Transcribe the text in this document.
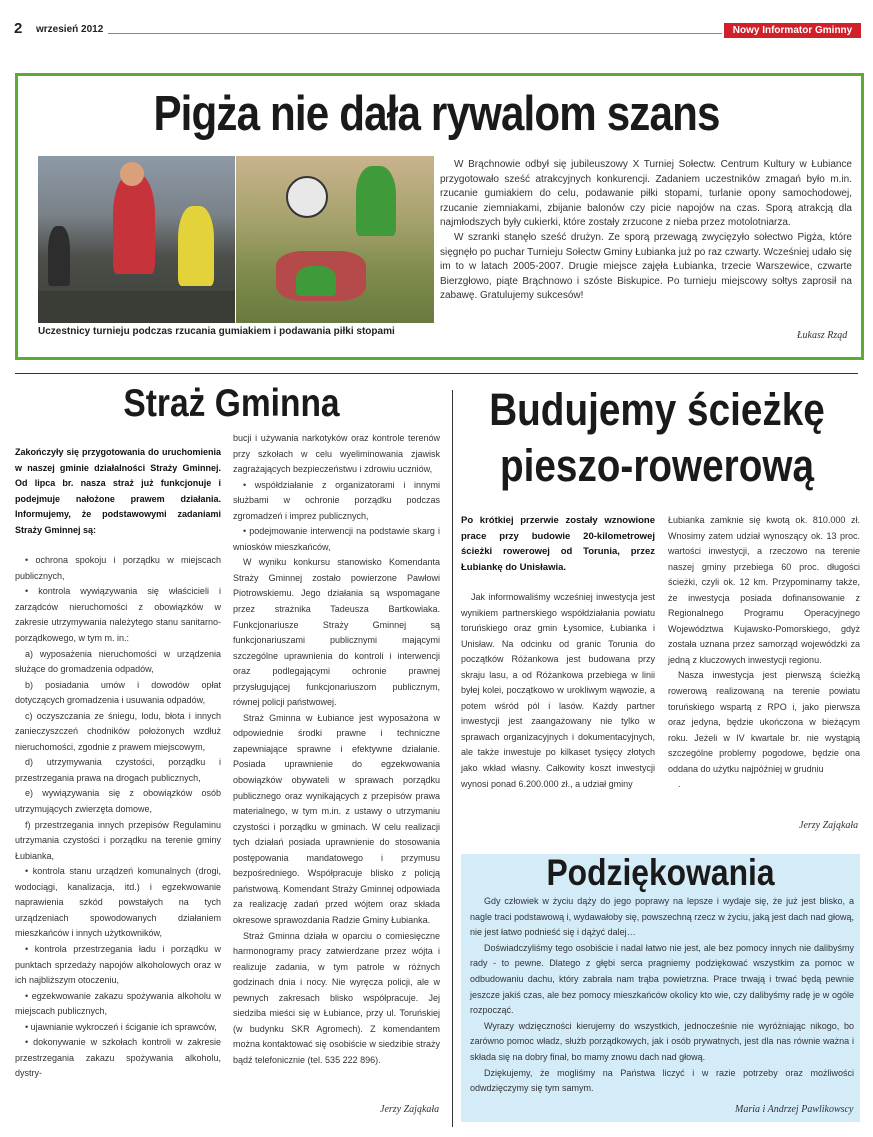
2 wrzesień 2012	Nowy Informator Gminny
Pigża nie dała rywalom szans
Uczestnicy turnieju podczas rzucania gumiakiem i podawania piłki stopami

W Brąchnowie odbył się jubileuszowy X Turniej Sołectw. Centrum Kultury w Łubiance przygotowało sześć atrakcyjnych konkurencji. Zadaniem uczestników zmagań było m.in. rzucanie gumiakiem do celu, podawanie piłki stopami, turlanie opony samochodowej, rzucanie ziemniakami, zbijanie balonów czy picie napojów na czas. Sporą atrakcją dla najmłodszych były cukierki, które zostały zrzucone z nieba przez motolotniarza.

W szranki stanęło sześć drużyn. Ze sporą przewagą zwycięzyło sołectwo Pigża, które sięgnęło po puchar Turnieju Sołectw Gminy Łubianka już po raz czwarty. Wcześniej udało się im to w latach 2005-2007. Drugie miejsce zajęła Łubianka, trzecie Warszewice, czwarte Bierzgłowo, piąte Brąchnowo i szóste Biskupice. Po turnieju miejscowy sołtys zaprosił na zabawę. Gratulujemy sukcesów!

Łukasz Rząd
Straż Gminna

Zakończyły się przygotowania do uruchomienia w naszej gminie działalności Straży Gminnej. Od lipca br. nasza straż już funkcjonuje i podejmuje nałożone prawem działania. Informujemy, że podstawowymi zadaniami Straży Gminnej są:

• ochrona spokoju i porządku w miejscach publicznych,

• kontrola wywiązywania się właścicieli i zarządców nieruchomości z obowiązków w zakresie utrzymywania należytego stanu sanitarno-porządkowego, w tym m. in.:

a) wyposażenia nieruchomości w urządzenia służące do gromadzenia odpadów,

b) posiadania umów i dowodów opłat dotyczących gromadzenia i usuwania odpadów,

c) oczyszczania ze śniegu, lodu, błota i innych zanieczyszczeń chodników położonych wzdłuż nieruchomości, zgodnie z prawem miejscowym,

d) utrzymywania czystości, porządku i przestrzegania prawa na drogach publicznych,

e) wywiązywania się z obowiązków osób utrzymujących zwierzęta domowe,

f) przestrzegania innych przepisów Regulaminu utrzymania czystości i porządku na terenie gminy Łubianka,

• kontrola stanu urządzeń komunalnych (drogi, wodociągi, kanalizacja, itd.) i egzekwowanie naprawienia szkód powstałych na tych urządzeniach spowodowanych działaniem mieszkańców i innych użytkowników,

• kontrola przestrzegania ładu i porządku w punktach sprzedaży napojów alkoholowych oraz w ich najbliższym otoczeniu,

• egzekwowanie zakazu spożywania alkoholu w miejscach publicznych,

• ujawnianie wykroczeń i ściganie ich sprawców,

• dokonywanie w szkołach kontroli w zakresie przestrzegania zakazu spożywania alkoholu, dystry-

bucji i używania narkotyków oraz kontrole terenów przy szkołach w celu wyeliminowania zjawisk zagrażających bezpieczeństwu i zdrowiu uczniów,

• współdziałanie z organizatorami i innymi służbami w ochronie porządku podczas zgromadzeń i imprez publicznych,

• podejmowanie interwencji na podstawie skarg i wniosków mieszkańców,

W wyniku konkursu stanowisko Komendanta Straży Gminnej zostało powierzone Pawłowi Piotrowskiemu. Jego działania są wspomagane przez strażnika Tadeusza Bartkowiaka. Funkcjonariusze Straży Gminnej są funkcjonariuszami publicznymi mającymi szczególne uprawnienia do kontroli i interwencji oraz podlegającymi ochronie prawnej przysługującej funkcjonariuszom publicznym, równej policji państwowej.

Straż Gminna w Łubiance jest wyposażona w odpowiednie środki prawne i techniczne zapewniające sprawne i efektywne działanie. Posiada uprawnienie do egzekwowania obowiązków obywateli w sprawach porządku publicznego oraz wynikających z przepisów prawa materialnego, w tym m.in. z ustawy o utrzymaniu czystości i porządku w gminach. W celu realizacji tych działań posiada uprawnienie do stosowania postępowania mandatowego i przymusu bezpośredniego. Współpracuje blisko z policją państwową. Komendant Straży Gminnej odpowiada za realizację zadań przed wójtem oraz składa okresowe sprawozdania Radzie Gminy Łubianka.

Straż Gminna działa w oparciu o comiesięczne harmonogramy pracy zatwierdzane przez wójta i realizuje zadania, w tym patrole w różnych godzinach dnia i nocy. Nie wyręcza policji, ale w pewnych zakresach blisko współpracuje. Jej siedziba mieści się w Łubiance, przy ul. Toruńskiej (w budynku SKR Agromech). Z komendantem można kontaktować się osobiście w siedzibie straży bądź telefonicznie (tel. 535 222 896).

Jerzy Zająkała
Budujemy ścieżkę
pieszo-rowerową

Po krótkiej przerwie zostały wznowione prace przy budowie 20-kilometrowej ścieżki rowerowej od Torunia, przez Łubiankę do Unisławia.

Jak informowaliśmy wcześniej inwestycja jest wynikiem partnerskiego współdziałania powiatu toruńskiego oraz gmin Łysomice, Łubianka i Unisław. Na odcinku od granic Torunia do początków Różankowa jest budowana przy skraju lasu, a od Różankowa przebiega w linii byłej kolei, początkowo w urokliwym wąwozie, a potem wśród pól i lasów. Każdy partner inwestycji jest zaangażowany nie tylko w sprawach organizacyjnych i dokumentacyjnych, ale także inwestuje po kilkaset tysięcy złotych jako wkład własny. Całkowity koszt inwestycji wynosi ponad 6.200.000 zł., a udział gminy

Łubianka zamknie się kwotą ok. 810.000 zł. Wnosimy zatem udział wynoszący ok. 13 proc. wartości inwestycji, a rzeczowo na terenie naszej gminy przebiega 60 proc. długości ścieżki, czyli ok. 12 km. Przypominamy także, że inwestycja posiada dofinansowanie z Regionalnego Programu Operacyjnego Województwa Kujawsko-Pomorskiego, gdyż została uznana przez samorząd wojewódzki za jedną z kluczowych inwestycji regionu.

Nasza inwestycja jest pierwszą ścieżką rowerową realizowaną na terenie powiatu toruńskiego wspartą z RPO i, jako pierwsza oraz jedyna, będzie ukończona w bieżącym roku. Jeżeli w IV kwartale br. nie wystąpią szczególne problemy pogodowe, będzie ona oddana do użytku najpóźniej w grudniu

.

Jerzy Zająkała
Podziękowania

Gdy człowiek w życiu dąży do jego poprawy na lepsze i wydaje się, że już jest blisko, a nagle traci podstawową i, wydawałoby się, powszechną rzecz w życiu, jaką jest dach nad głową, nie jest łatwo podnieść się i dążyć dalej…

Doświadczyliśmy tego osobiście i nadal łatwo nie jest, ale bez pomocy innych nie dalibyśmy rady - to pewne. Dlatego z głębi serca pragniemy podziękować wszystkim za pomoc w odbudowaniu dachu, który zabrała nam trąba powietrzna. Prace trwają i trwać będą pewnie jeszcze jakiś czas, ale bez pomocy mieszkańców okolicy kto wie, czy dalibyśmy radę je w ogóle rozpocząć.

Wyrazy wdzięczności kierujemy do wszystkich, jednocześnie nie wyróżniając nikogo, bo zarówno pomoc władz, służb porządkowych, jak i osób prywatnych, jest dla nas równie ważna i składa się na dobry finał, bo mamy znowu dach nad głową.

Dziękujemy, że mogliśmy na Państwa liczyć i w razie potrzeby oraz możliwości odwdzięczymy się tym samym.

Maria i Andrzej Pawlikowscy
